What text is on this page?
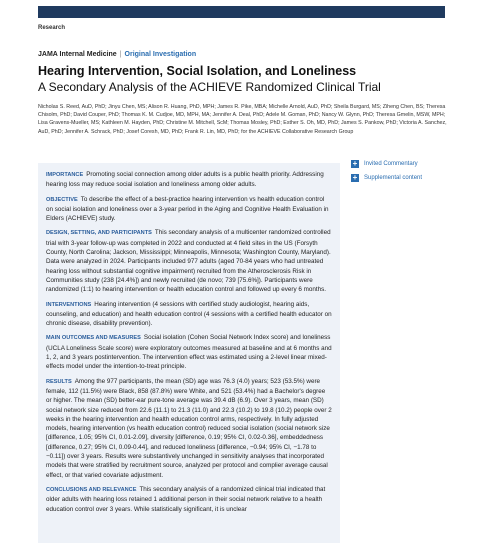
Research
JAMA Internal Medicine | Original Investigation
Hearing Intervention, Social Isolation, and Loneliness
A Secondary Analysis of the ACHIEVE Randomized Clinical Trial
Nicholas S. Reed, AuD, PhD; Jinyu Chen, MS; Alison R. Huang, PhD, MPH; James R. Pike, MBA; Michelle Arnold, AuD, PhD; Sheila Burgard, MS; Ziheng Chen, BS; Theresa Chisolm, PhD; David Couper, PhD; Thomas K. M. Cudjoe, MD, MPH, MA; Jennifer A. Deal, PhD; Adele M. Goman, PhD; Nancy W. Glynn, PhD; Theresa Gmelin, MSW, MPH; Lisa Gravens-Mueller, MS; Kathleen M. Hayden, PhD; Christine M. Mitchell, ScM; Thomas Mosley, PhD; Esther S. Oh, MD, PhD; James S. Pankow, PhD; Victoria A. Sanchez, AuD, PhD; Jennifer A. Schrack, PhD; Josef Coresh, MD, PhD; Frank R. Lin, MD, PhD; for the ACHIEVE Collaborative Research Group
+ Invited Commentary
+ Supplemental content

IMPORTANCE Promoting social connection among older adults is a public health priority. Addressing hearing loss may reduce social isolation and loneliness among older adults.

OBJECTIVE To describe the effect of a best-practice hearing intervention vs health education control on social isolation and loneliness over a 3-year period in the Aging and Cognitive Health Evaluation in Elders (ACHIEVE) study.

DESIGN, SETTING, AND PARTICIPANTS This secondary analysis of a multicenter randomized controlled trial with 3-year follow-up was completed in 2022 and conducted at 4 field sites in the US (Forsyth County, North Carolina; Jackson, Mississippi; Minneapolis, Minnesota; Washington County, Maryland). Data were analyzed in 2024. Participants included 977 adults (aged 70-84 years who had untreated hearing loss without substantial cognitive impairment) recruited from the Atherosclerosis Risk in Communities study (238 [24.4%]) and newly recruited (de novo; 739 [75.6%]). Participants were randomized (1:1) to hearing intervention or health education control and followed up every 6 months.

INTERVENTIONS Hearing intervention (4 sessions with certified study audiologist, hearing aids, counseling, and education) and health education control (4 sessions with a certified health educator on chronic disease, disability prevention).

MAIN OUTCOMES AND MEASURES Social isolation (Cohen Social Network Index score) and loneliness (UCLA Loneliness Scale score) were exploratory outcomes measured at baseline and at 6 months and 1, 2, and 3 years postintervention. The intervention effect was estimated using a 2-level linear mixed-effects model under the intention-to-treat principle.

RESULTS Among the 977 participants, the mean (SD) age was 76.3 (4.0) years; 523 (53.5%) were female, 112 (11.5%) were Black, 858 (87.8%) were White, and 521 (53.4%) had a Bachelor's degree or higher. The mean (SD) better-ear pure-tone average was 39.4 dB (6.9). Over 3 years, mean (SD) social network size reduced from 22.6 (11.1) to 21.3 (11.0) and 22.3 (10.2) to 19.8 (10.2) people over 2 weeks in the hearing intervention and health education control arms, respectively. In fully adjusted models, hearing intervention (vs health education control) reduced social isolation (social network size [difference, 1.05; 95% CI, 0.01-2.09], diversity [difference, 0.19; 95% CI, 0.02-0.36], embeddedness [difference, 0.27; 95% CI, 0.09-0.44], and reduced loneliness [difference, −0.94; 95% CI, −1.78 to −0.11]) over 3 years. Results were substantively unchanged in sensitivity analyses that incorporated models that were stratified by recruitment source, analyzed per protocol and complier average causal effect, or that varied covariate adjustment.

CONCLUSIONS AND RELEVANCE This secondary analysis of a randomized clinical trial indicated that older adults with hearing loss retained 1 additional person in their social network relative to a health education control over 3 years. While statistically significant, it is unclear
